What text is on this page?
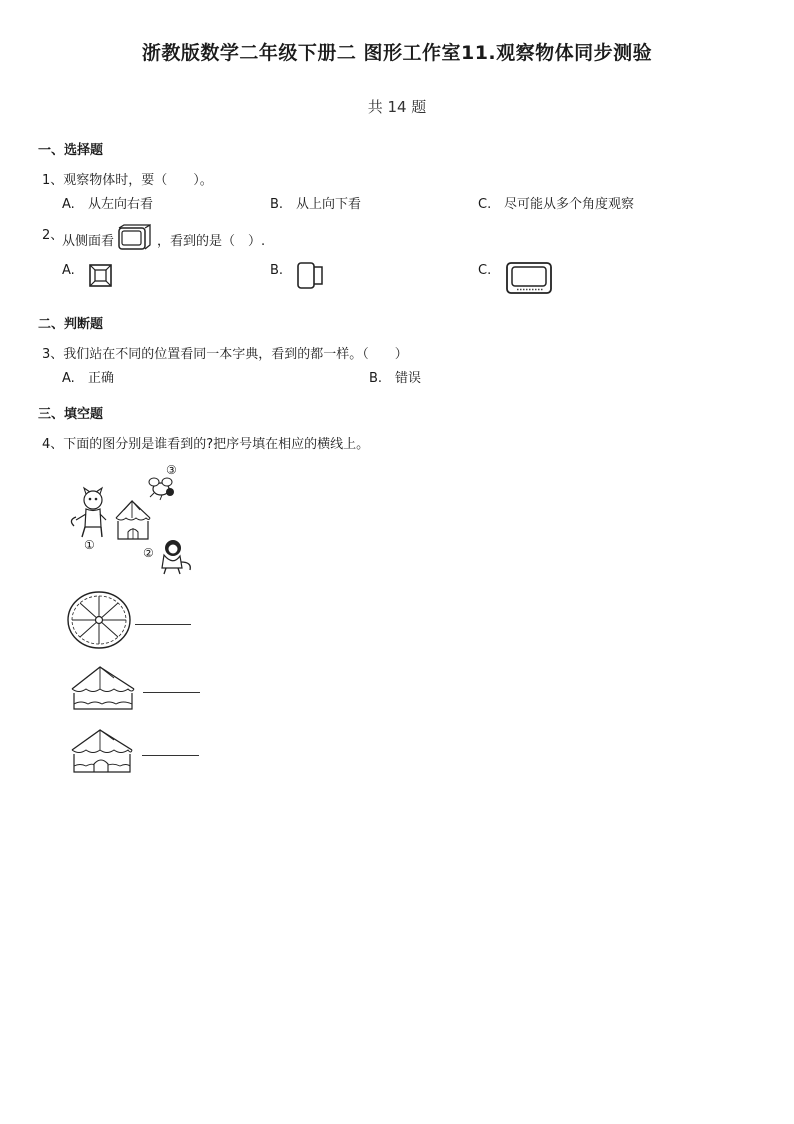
浙教版数学二年级下册二 图形工作室11.观察物体同步测验
共 14 题
一、选择题
1、观察物体时，要（　　）。
A. 从左向右看	B. 从上向下看	C. 尽可能从多个角度观察
2、
从侧面看	，看到的是（　）.
A.	B.	C.
二、判断题
3、我们站在不同的位置看同一本字典，看到的都一样。（　　）
A. 正确	B. 错误
三、填空题
4、下面的图分别是谁看到的?把序号填在相应的横线上。
③
①
②
